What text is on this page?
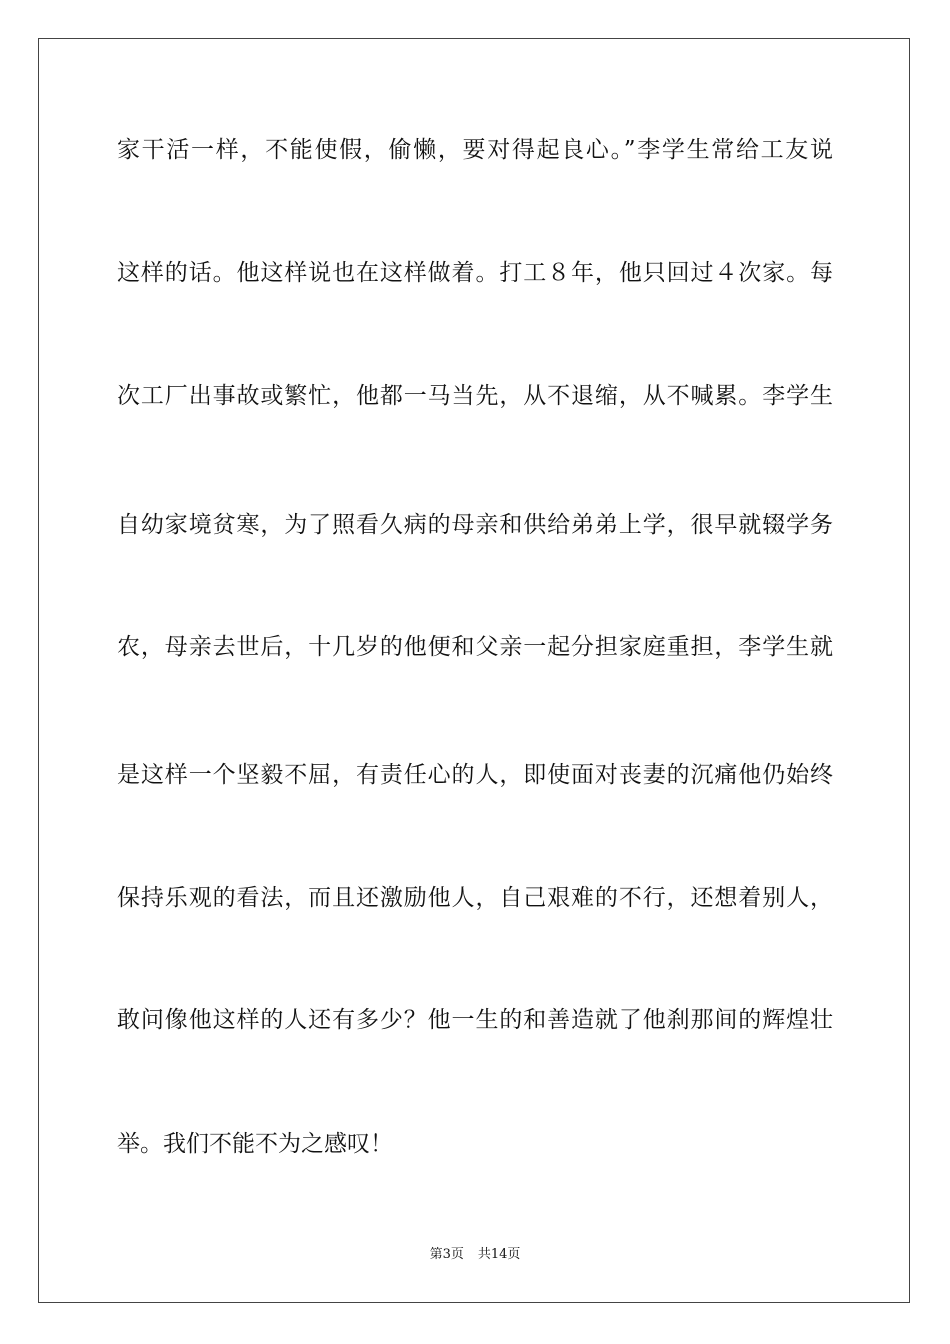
家干活一样，不能使假，偷懒，要对得起良心。”李学生常给工友说
这样的话。他这样说也在这样做着。打工８年，他只回过４次家。每
次工厂出事故或繁忙，他都一马当先，从不退缩，从不喊累。李学生
自幼家境贫寒，为了照看久病的母亲和供给弟弟上学，很早就辍学务
农，母亲去世后，十几岁的他便和父亲一起分担家庭重担，李学生就
是这样一个坚毅不屈，有责任心的人，即使面对丧妻的沉痛他仍始终
保持乐观的看法，而且还激励他人，自己艰难的不行，还想着别人，
敢问像他这样的人还有多少？他一生的和善造就了他刹那间的辉煌壮
举。我们不能不为之感叹！
第3页 共14页
